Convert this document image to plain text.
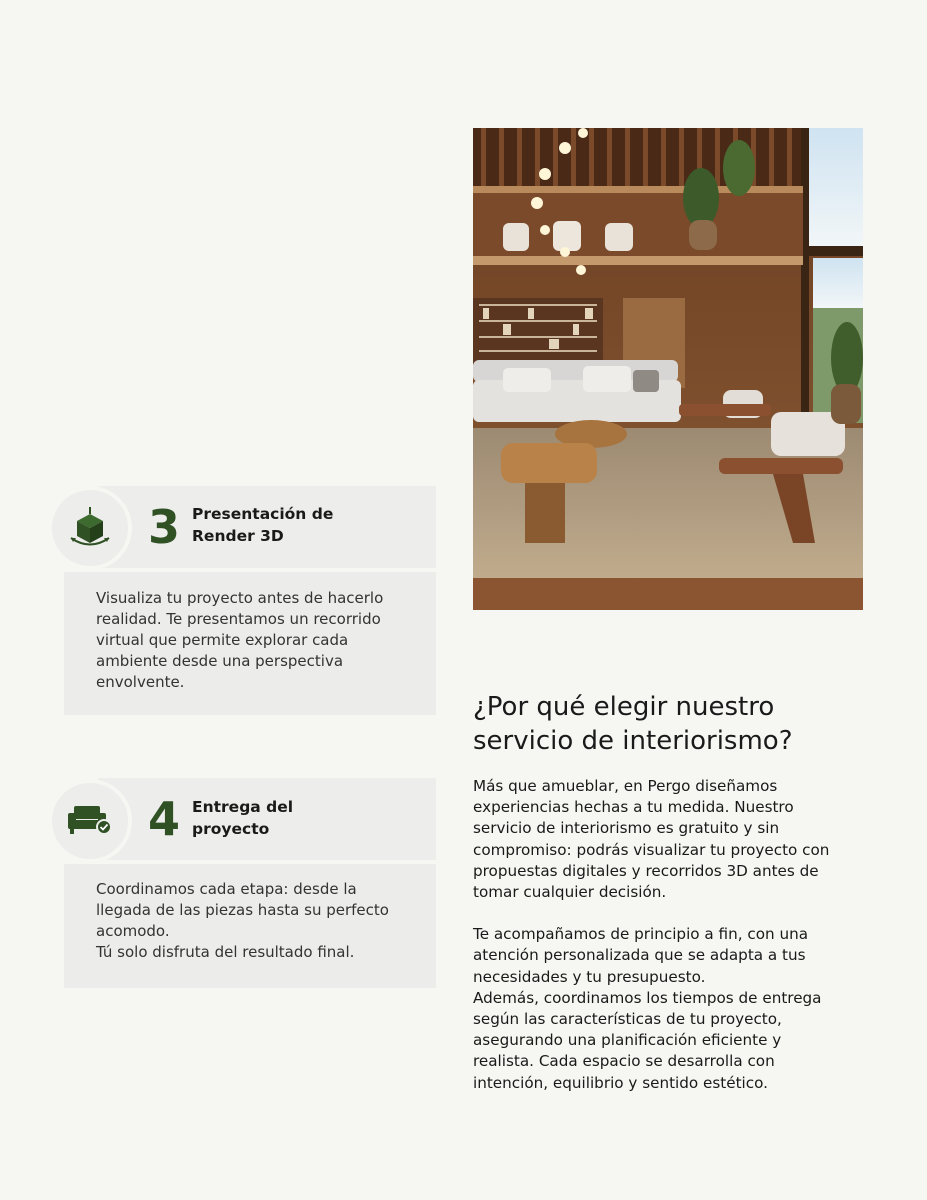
3 Presentación de
Render 3D

Visualiza tu proyecto antes de hacerlo

realidad. Te presentamos un recorrido

virtual que permite explorar cada

ambiente desde una perspectiva

envolvente.

4 Entrega del
proyecto

Coordinamos cada etapa: desde la

llegada de las piezas hasta su perfecto

acomodo.

Tú solo disfruta del resultado final.

¿Por qué elegir nuestro
servicio de interiorismo?

Más que amueblar, en Pergo diseñamos

experiencias hechas a tu medida. Nuestro

servicio de interiorismo es gratuito y sin

compromiso: podrás visualizar tu proyecto con

propuestas digitales y recorridos 3D antes de

tomar cualquier decisión.

Te acompañamos de principio a fin, con una

atención personalizada que se adapta a tus

necesidades y tu presupuesto.

Además, coordinamos los tiempos de entrega

según las características de tu proyecto,

asegurando una planificación eficiente y

realista. Cada espacio se desarrolla con

intención, equilibrio y sentido estético.
